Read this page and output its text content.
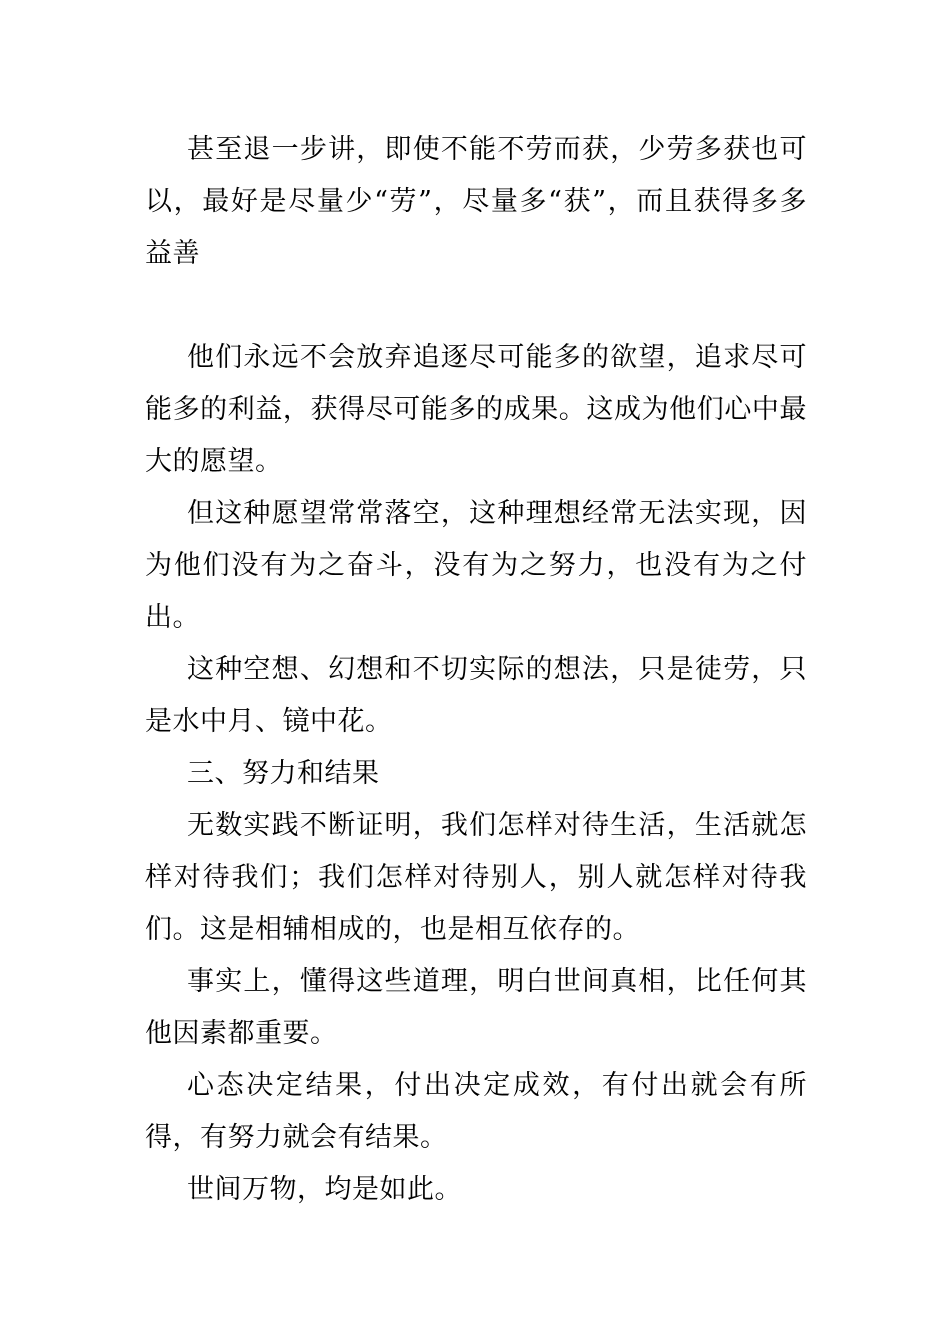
甚至退一步讲，即使不能不劳而获，少劳多获也可以，最好是尽量少“劳”，尽量多“获”，而且获得多多益善

他们永远不会放弃追逐尽可能多的欲望，追求尽可能多的利益，获得尽可能多的成果。这成为他们心中最大的愿望。

但这种愿望常常落空，这种理想经常无法实现，因为他们没有为之奋斗，没有为之努力，也没有为之付出。

这种空想、幻想和不切实际的想法，只是徒劳，只是水中月、镜中花。

三、努力和结果

无数实践不断证明，我们怎样对待生活，生活就怎样对待我们；我们怎样对待别人，别人就怎样对待我们。这是相辅相成的，也是相互依存的。

事实上，懂得这些道理，明白世间真相，比任何其他因素都重要。

心态决定结果，付出决定成效，有付出就会有所得，有努力就会有结果。

世间万物，均是如此。
